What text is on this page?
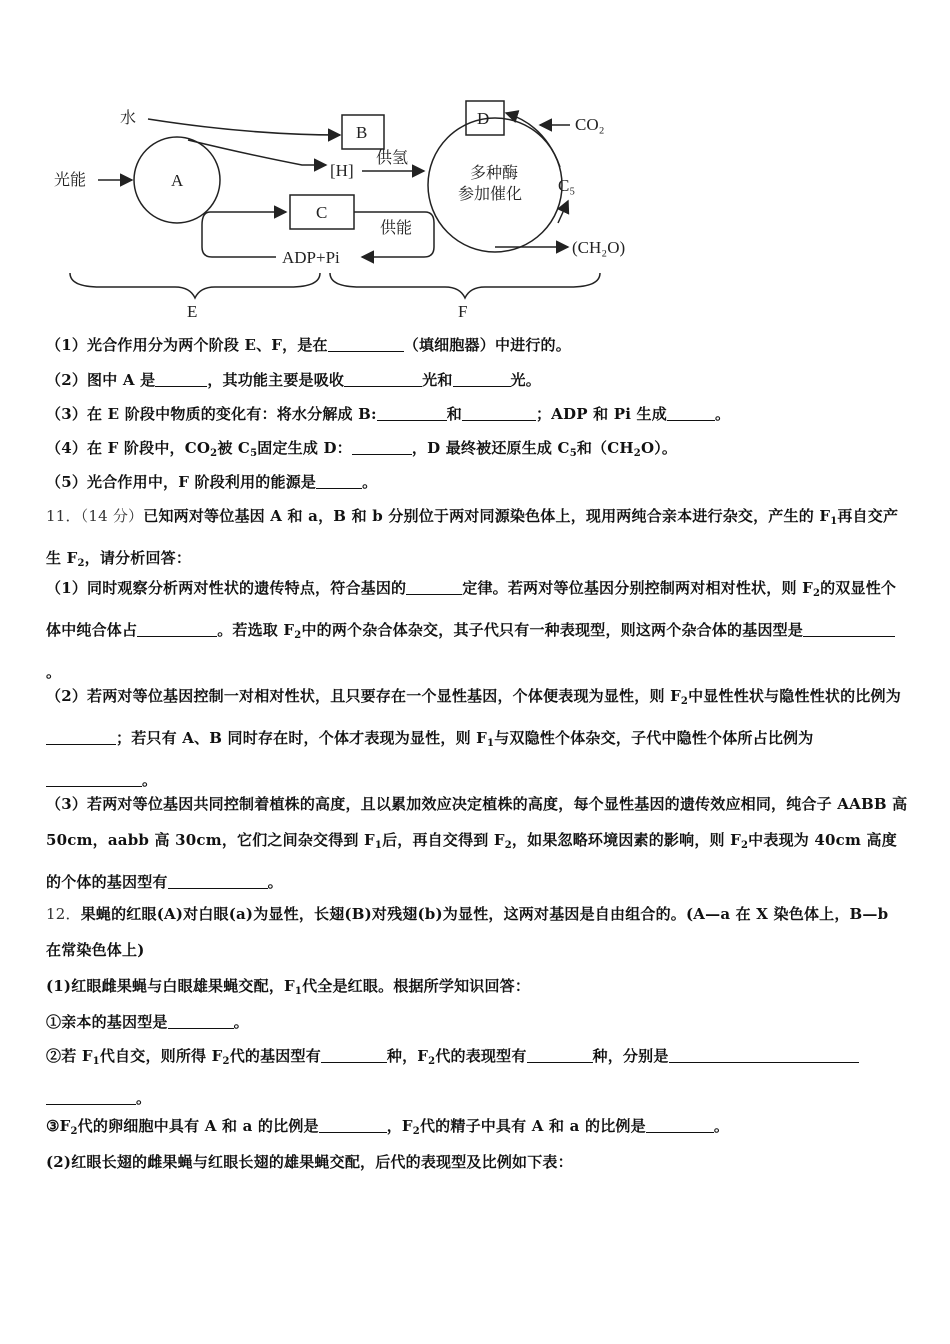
水
光能	A
B
[H]
供氢
C
ADP+Pi
供能
多种酶
参加催化
D	CO₂
C₅
(CH₂O)
E	F
（1）光合作用分为两个阶段 E、F，是在	（填细胞器）中进行的。
（2）图中 A 是	，其功能主要是吸收	光和	光。
（3）在 E 阶段中物质的变化有：将水分解成 B:	和	；ADP 和 Pi 生成	。
（4）在 F 阶段中，$CO_2$被 $C_5$固定生成 D：	，D 最终被还原生成 $C_5$和$(CH_2O)$。
（5）光合作用中，F 阶段利用的能源是	。
11．（14 分）已知两对等位基因 A 和 a，B 和 b 分别位于两对同源染色体上，现用两纯合亲本进行杂交，产生的 $F_1$再自交产生 $F_2$，请分析回答：
（1）同时观察分析两对性状的遗传特点，符合基因的	定律。若两对等位基因分别控制两对相对性状，则 $F_2$的双显性个体中纯合体占	。若选取 $F_2$中的两个杂合体杂交，其子代只有一种表现型，则这两个杂合体的基因型是。
（2）若两对等位基因控制一对相对性状，且只要存在一个显性基因，个体便表现为显性，则 $F_2$中显性性状与隐性性状的比例为；若只有 A、B 同时存在时，个体才表现为显性，则 $F_1$与双隐性个体杂交，子代中隐性个体所占比例为。
（3）若两对等位基因共同控制着植株的高度，且以累加效应决定植株的高度，每个显性基因的遗传效应相同，纯合子 AABB 高 50cm，aabb 高 30cm，它们之间杂交得到 $F_1$后，再自交得到 $F_2$，如果忽略环境因素的影响，则 $F_2$中表现为 40cm 高度的个体的基因型有	。
12．果蝇的红眼(A)对白眼(a)为显性，长翅(B)对残翅(b)为显性，这两对基因是自由组合的。(A—a 在 X 染色体上，B—b 在常染色体上)
(1)红眼雌果蝇与白眼雄果蝇交配，$F_1$代全是红眼。根据所学知识回答：
①亲本的基因型是	。
②若 $F_1$代自交，则所得 $F_2$代的基因型有	种，$F_2$代的表现型有	种，分别是。
$③F_2$代的卵细胞中具有 A 和 a 的比例是	，$F_2$代的精子中具有 A 和 a 的比例是	。
(2)红眼长翅的雌果蝇与红眼长翅的雄果蝇交配，后代的表现型及比例如下表：
